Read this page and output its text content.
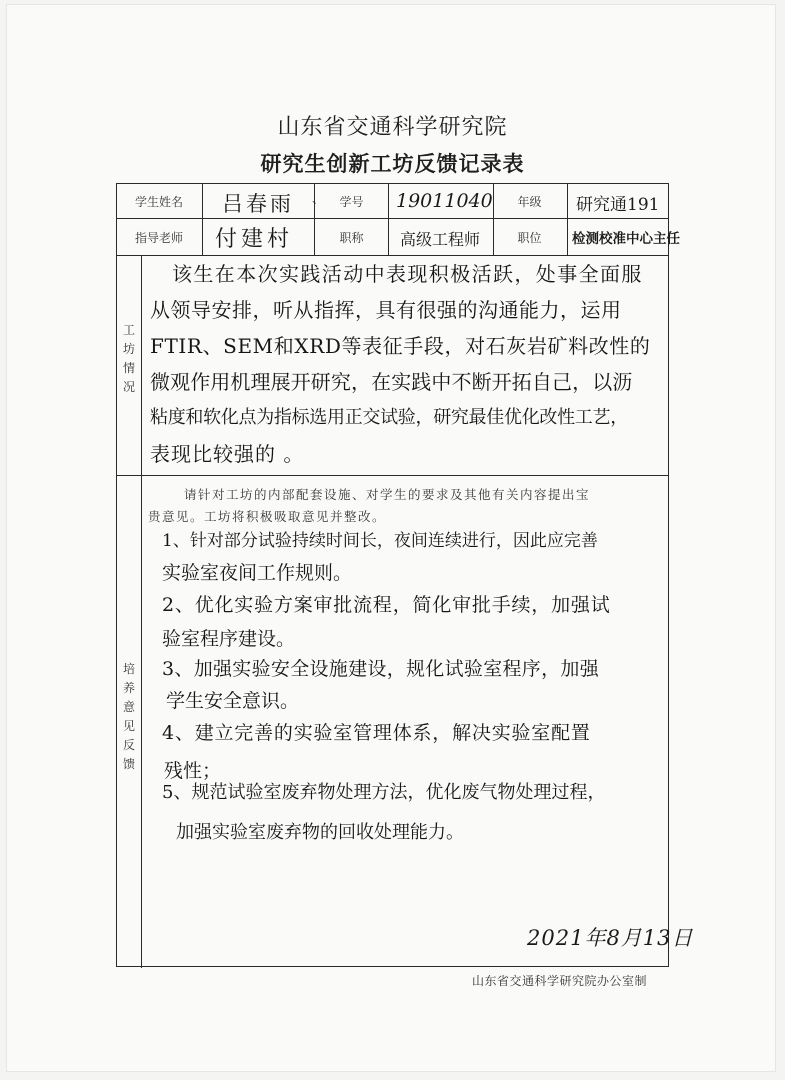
山东省交通科学研究院
研究生创新工坊反馈记录表
学生姓名	吕春雨 、	学号	19011040	年级	研究通191
指导老师	付建村	职称	高级工程师	职位	检测校准中心主任
工
坊
情
况
该生在本次实践活动中表现积极活跃，处事全面服
从领导安排，听从指挥，具有很强的沟通能力，运用
FTIR、SEM和XRD等表征手段，对石灰岩矿料改性的
微观作用机理展开研究，在实践中不断开拓自己，以沥
粘度和软化点为指标选用正交试验，研究最佳优化改性工艺，
表现比较强的 。
培
养
意
见
反
馈
请针对工坊的内部配套设施、对学生的要求及其他有关内容提出宝
贵意见。工坊将积极吸取意见并整改。
1、针对部分试验持续时间长，夜间连续进行，因此应完善
实验室夜间工作规则。
2、优化实验方案审批流程，简化审批手续，加强试
验室程序建设。
3、加强实验安全设施建设，规化试验室程序，加强
学生安全意识。
4、建立完善的实验室管理体系，解决实验室配置
残性；
5、规范试验室废弃物处理方法，优化废气物处理过程，
加强实验室废弃物的回收处理能力。
2021年8月13日
山东省交通科学研究院办公室制
